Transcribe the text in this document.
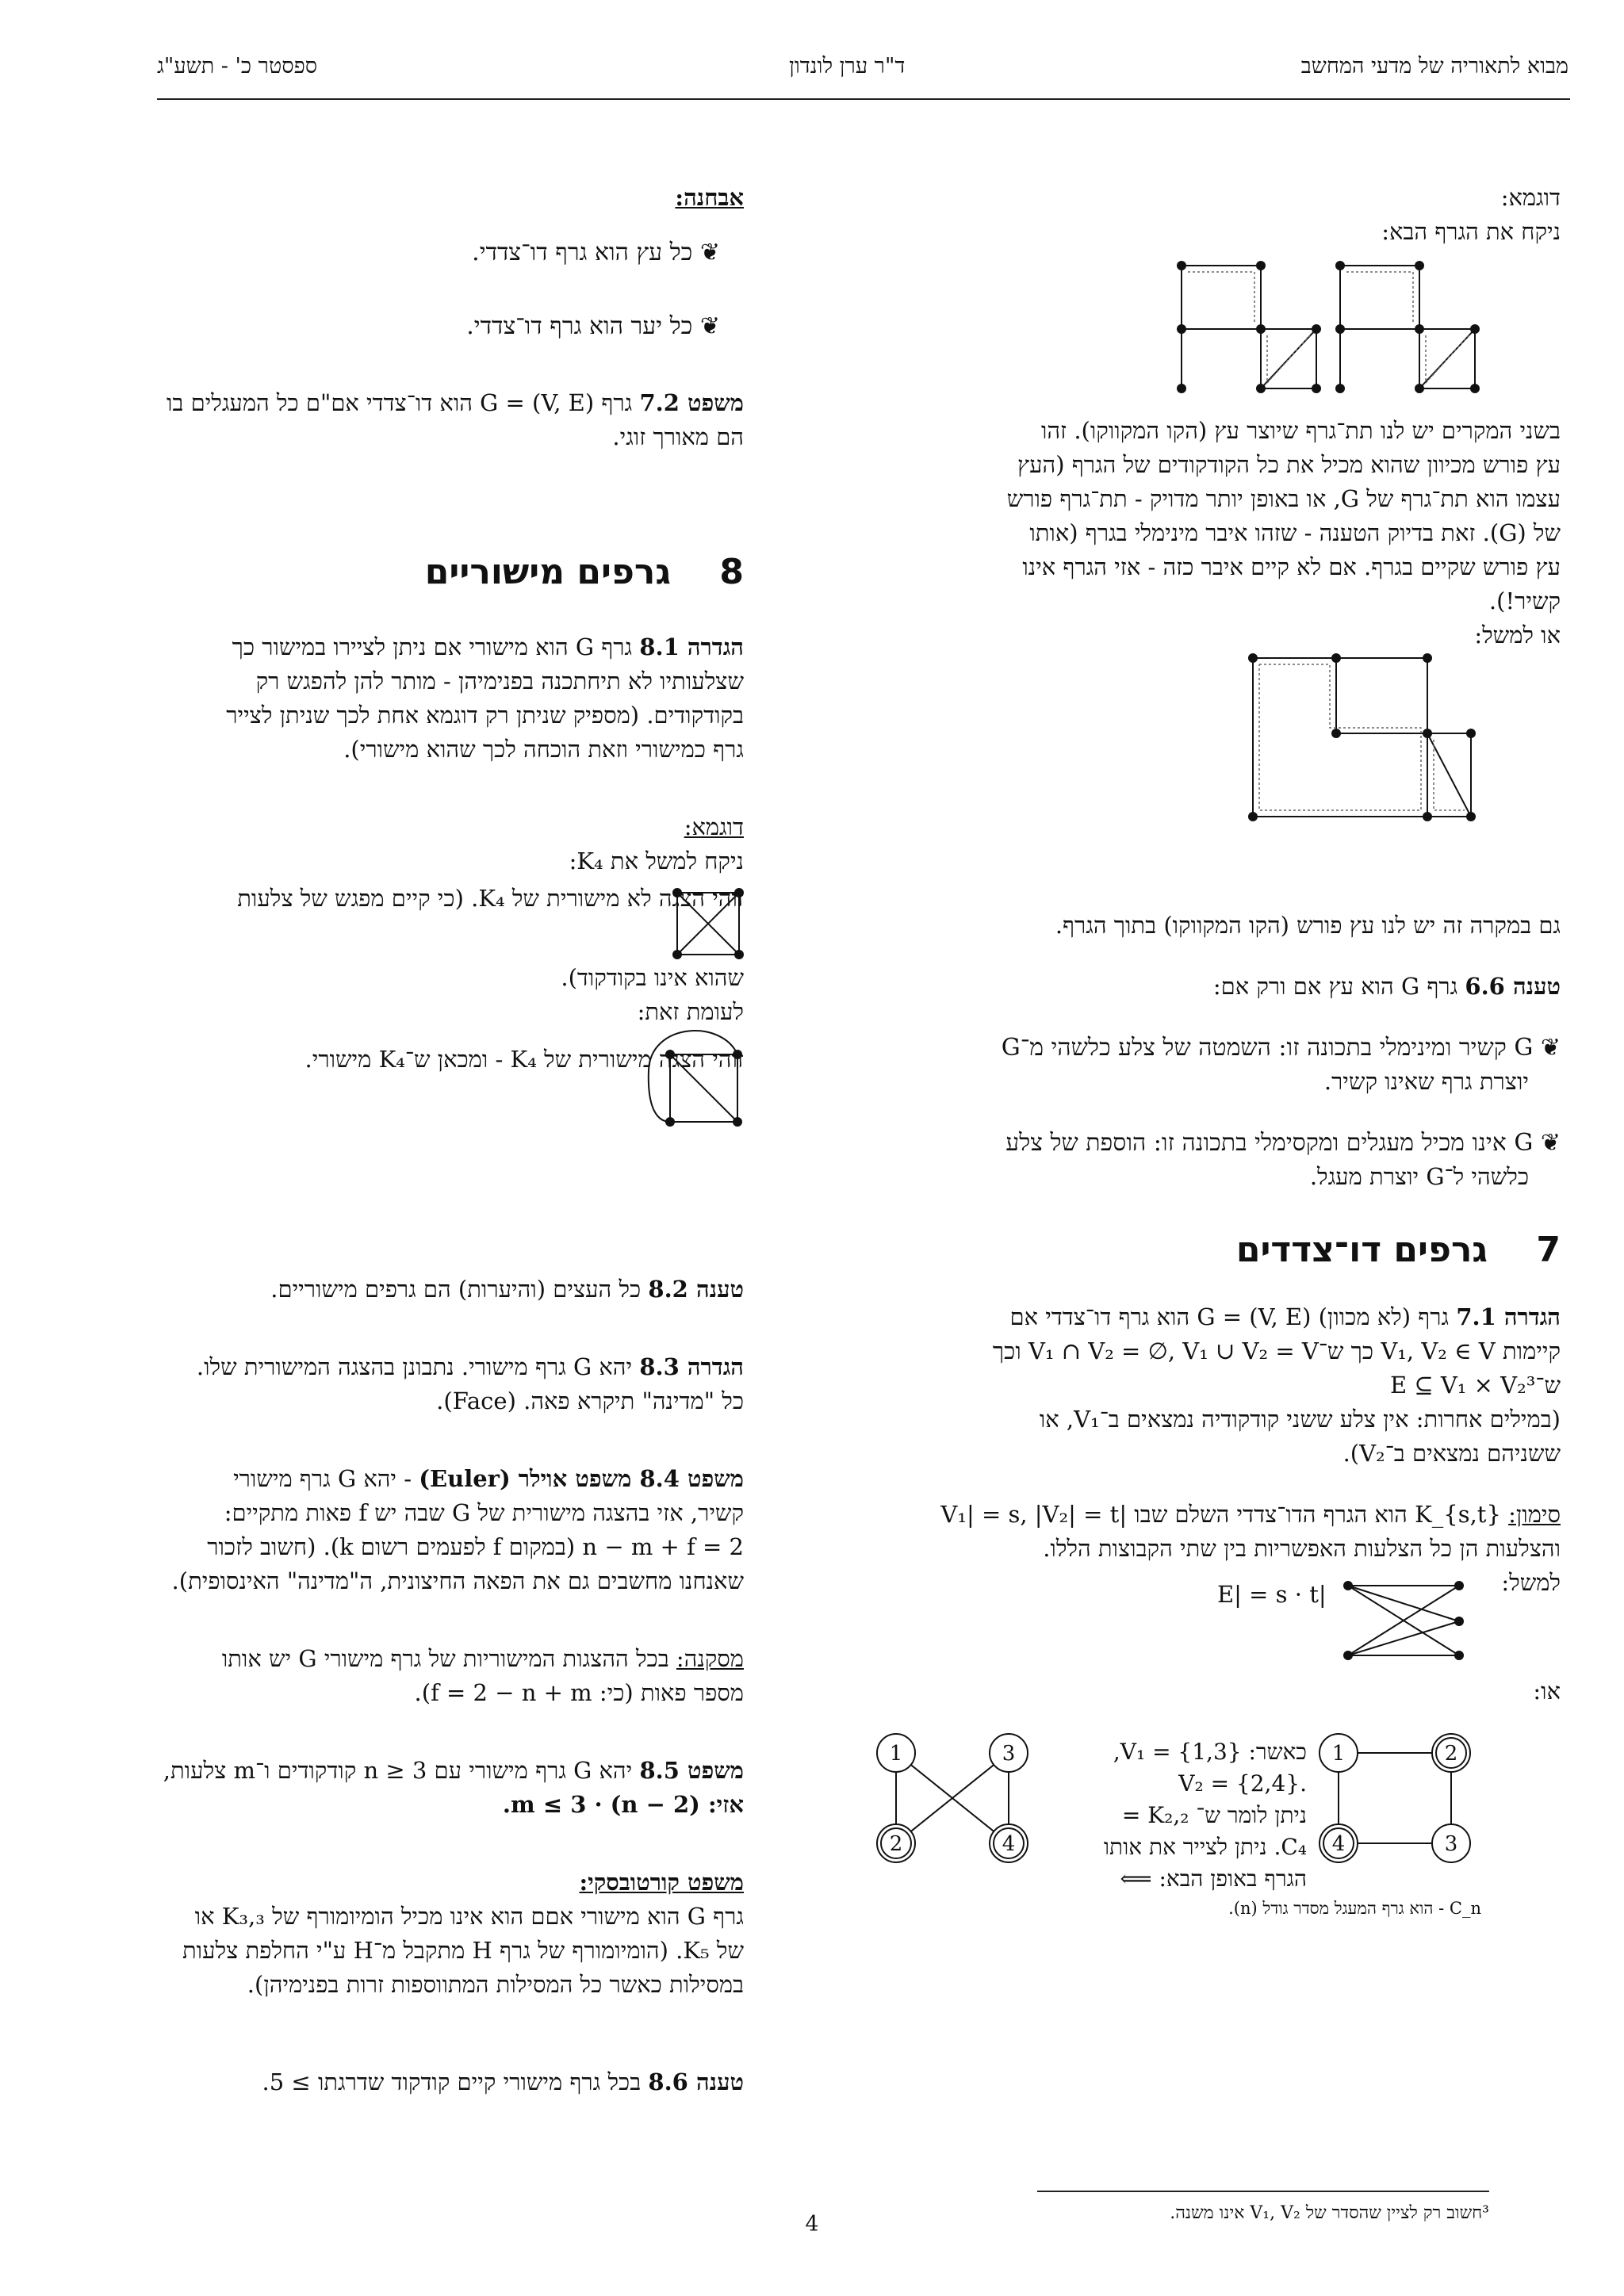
מבוא לתאוריה של מדעי המחשב
ד"ר ערן לונדון
ספסטר כ' - תשע"ג

דוגמא:

ניקח את הגרף הבא:

בשני המקרים יש לנו תת־גרף שיוצר עץ (הקו המקווקו). זהו

עץ פורש מכיוון שהוא מכיל את כל הקודקודים של הגרף (העץ

עצמו הוא תת־גרף של G, או באופן יותר מדויק - תת־גרף פורש

של (G). זאת בדיוק הטענה - שזהו איבר מינימלי בגרף (אותו

עץ פורש שקיים בגרף. אם לא קיים איבר כזה - אזי הגרף אינו

קשיר!).

או למשל:

גם במקרה זה יש לנו עץ פורש (הקו המקווקו) בתוך הגרף.

טענה 6.6 גרף G הוא עץ אם ורק אם:

❦ G קשיר ומינימלי בתכונה זו: השמטה של צלע כלשהי מ־G

יוצרת גרף שאינו קשיר.

❦ G אינו מכיל מעגלים ומקסימלי בתכונה זו: הוספת של צלע

כלשהי ל־G יוצרת מעגל.

7    גרפים דו־צדדים

הגדרה 7.1 גרף (לא מכוון) G = (V, E) הוא גרף דו־צדדי אם

קיימות V₁, V₂ ∈ V כך ש־V₁ ∩ V₂ = ∅, V₁ ∪ V₂ = V וכך

ש־E ⊆ V₁ × V₂³

(במילים אחרות: אין צלע ששני קודקודיה נמצאים ב־V₁, או

ששניהם נמצאים ב־V₂).

סימון: K_{s,t} הוא הגרף הדו־צדדי השלם שבו |V₁| = s, |V₂| = t

והצלעות הן כל הצלעות האפשריות בין שתי הקבוצות הללו.

למשל:

|E| = s · t
או:
1	2
4	3

כאשר: V₁ = {1,3},

.V₂ = {2,4}

ניתן לומר ש־ K₂,₂ =

C₄. ניתן לצייר את אותו

הגרף באופן הבא: ⟸

1	3
2	4
C_n - הוא גרף המעגל מסדר גודל (n).

אבחנה:

❦ כל עץ הוא גרף דו־צדדי.

❦ כל יער הוא גרף דו־צדדי.

משפט 7.2 גרף G = (V, E) הוא דו־צדדי אם"ם כל המעגלים בו

הם מאורך זוגי.

8    גרפים מישוריים

הגדרה 8.1 גרף G הוא מישורי אם ניתן לציירו במישור כך

שצלעותיו לא תיחתכנה בפנימיהן - מותר להן להפגש רק

בקודקודים. (מספיק שניתן רק דוגמא אחת לכך שניתן לצייר

גרף כמישורי וזאת הוכחה לכך שהוא מישורי).

דוגמא:

ניקח למשל את K₄:

זוהי הצגה לא מישורית של K₄. (כי קיים מפגש של צלעות
שהוא אינו בקודקוד).
לעומת זאת:
זוהי הצגה מישורית של K₄ - ומכאן ש־K₄ מישורי.

טענה 8.2 כל העצים (והיערות) הם גרפים מישוריים.

הגדרה 8.3 יהא G גרף מישורי. נתבונן בהצגה המישורית שלו.

כל "מדינה" תיקרא פאה. (Face).

משפט 8.4 משפט אוילר (Euler) - יהא G גרף מישורי

קשיר, אזי בהצגה מישורית של G שבה יש f פאות מתקיים:

n − m + f = 2 (במקום f לפעמים רשום k). (חשוב לזכור

שאנחנו מחשבים גם את הפאה החיצונית, ה"מדינה" האינסופית).

מסקנה: בכל ההצגות המישוריות של גרף מישורי G יש אותו

מספר פאות (כי: f = 2 − n + m).

משפט 8.5 יהא G גרף מישורי עם n ≥ 3 קודקודים ו־m צלעות,

אזי: m ≤ 3 · (n − 2).

משפט קורטובסקי:

גרף G הוא מישורי אםם הוא אינו מכיל הומיומורף של K₃,₃ או

של K₅. (הומיומורף של גרף H מתקבל מ־H ע"י החלפת צלעות

במסילות כאשר כל המסילות המתווספות זרות בפנימיהן).

טענה 8.6 בכל גרף מישורי קיים קודקוד שדרגתו ≥ 5.

³חשוב רק לציין שהסדר של V₁, V₂ אינו משנה.
4
